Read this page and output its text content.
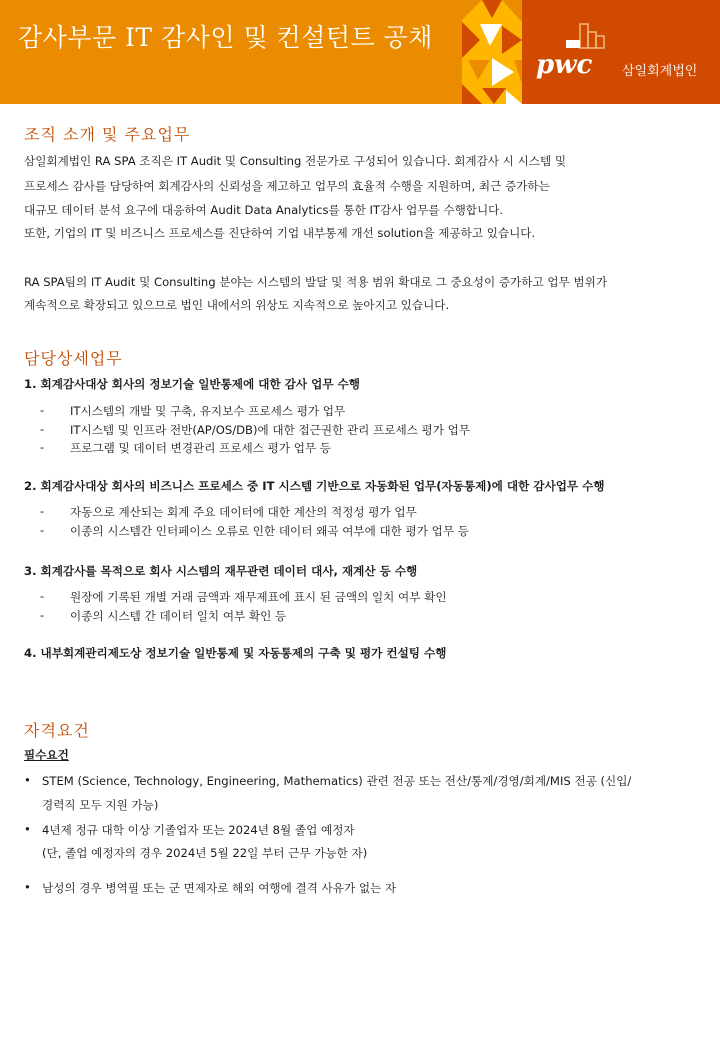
감사부문 IT 감사인 및 컨설턴트 공채
pwc 삼일회계법인
조직 소개 및 주요업무
삼일회계법인 RA SPA 조직은 IT Audit 및 Consulting 전문가로 구성되어 있습니다. 회계감사 시 시스템 및
프로세스 감사를 담당하여 회계감사의 신뢰성을 제고하고 업무의 효율적 수행을 지원하며, 최근 증가하는
대규모 데이터 분석 요구에 대응하여 Audit Data Analytics를 통한 IT감사 업무를 수행합니다.
또한, 기업의 IT 및 비즈니스 프로세스를 진단하여 기업 내부통제 개선 solution을 제공하고 있습니다.
RA SPA팀의 IT Audit 및 Consulting 분야는 시스템의 발달 및 적용 범위 확대로 그 중요성이 증가하고 업무 범위가
계속적으로 확장되고 있으므로 법인 내에서의 위상도 지속적으로 높아지고 있습니다.
담당상세업무
1. 회계감사대상 회사의 정보기술 일반통제에 대한 감사 업무 수행
- IT시스템의 개발 및 구축, 유지보수 프로세스 평가 업무
- IT시스템 및 인프라 전반(AP/OS/DB)에 대한 접근권한 관리 프로세스 평가 업무
- 프로그램 및 데이터 변경관리 프로세스 평가 업무 등
2. 회계감사대상 회사의 비즈니스 프로세스 중 IT 시스템 기반으로 자동화된 업무(자동통제)에 대한 감사업무 수행
- 자동으로 계산되는 회계 주요 데이터에 대한 계산의 적정성 평가 업무
- 이종의 시스템간 인터페이스 오류로 인한 데이터 왜곡 여부에 대한 평가 업무 등
3. 회계감사를 목적으로 회사 시스템의 재무관련 데이터 대사, 재계산 등 수행
- 원장에 기록된 개별 거래 금액과 재무제표에 표시 된 금액의 일치 여부 확인
- 이종의 시스템 간 데이터 일치 여부 확인 등
4. 내부회계관리제도상 정보기술 일반통제 및 자동통제의 구축 및 평가 컨설팅 수행
자격요건
필수요건
• STEM (Science, Technology, Engineering, Mathematics) 관련 전공 또는 전산/통계/경영/회계/MIS 전공 (신입/
경력직 모두 지원 가능)
• 4년제 정규 대학 이상 기졸업자 또는 2024년 8월 졸업 예정자
(단, 졸업 예정자의 경우 2024년 5월 22일 부터 근무 가능한 자)
• 남성의 경우 병역필 또는 군 면제자로 해외 여행에 결격 사유가 없는 자
